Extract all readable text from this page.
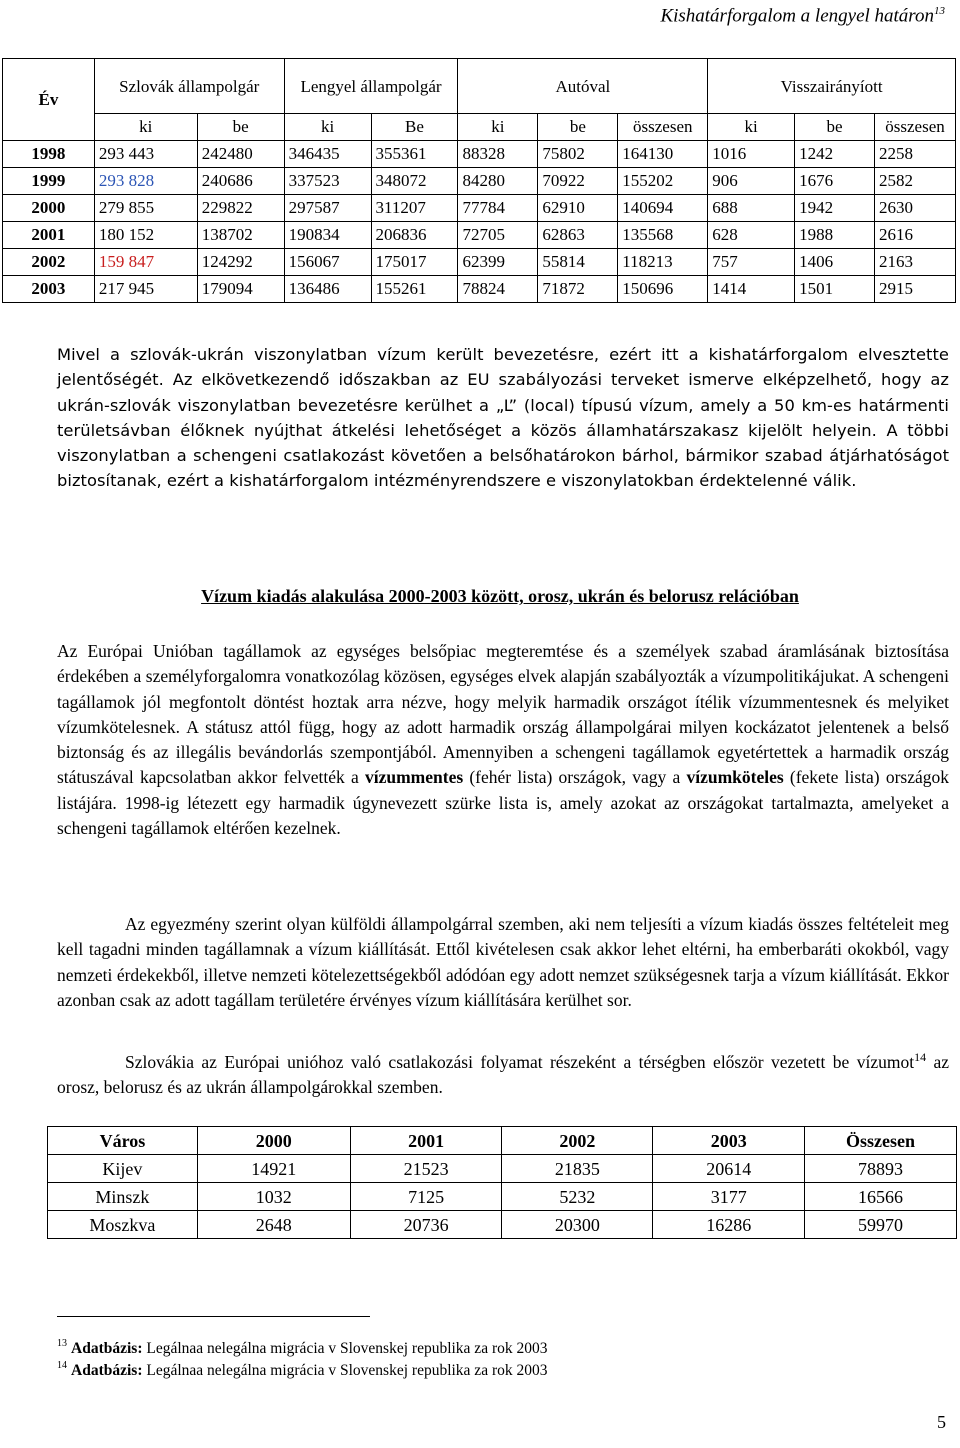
Kishatárforgalom a lengyel határon$^{13}$
Év	Szlovák állampolgár		Lengyel állampolgár		Autóval			Visszairányíott		
	ki	be	ki	Be	ki	be	összesen	ki	be	összesen
1998	293 443	242480	346435	355361	88328	75802	164130	1016	1242	2258
1999	293 828	240686	337523	348072	84280	70922	155202	906	1676	2582
2000	279 855	229822	297587	311207	77784	62910	140694	688	1942	2630
2001	180 152	138702	190834	206836	72705	62863	135568	628	1988	2616
2002	159 847	124292	156067	175017	62399	55814	118213	757	1406	2163
2003	217 945	179094	136486	155261	78824	71872	150696	1414	1501	2915

Mivel a szlovák-ukrán viszonylatban vízum került bevezetésre, ezért itt a kishatárforgalom elvesztette jelentőségét. Az elkövetkezendő időszakban az EU szabályozási terveket ismerve elképzelhető, hogy az ukrán-szlovák viszonylatban bevezetésre kerülhet a „L” (local) típusú vízum, amely a 50 km-es határmenti területsávban élőknek nyújthat átkelési lehetőséget a közös államhatárszakasz kijelölt helyein. A többi viszonylatban a schengeni csatlakozást követően a belsőhatárokon bárhol, bármikor szabad átjárhatóságot biztosítanak, ezért a kishatárforgalom intézményrendszere e viszonylatokban érdektelenné válik.

Vízum kiadás alakulása 2000-2003 között, orosz, ukrán és belorusz relációban

Az Európai Unióban tagállamok az egységes belsőpiac megteremtése és a személyek szabad áramlásának biztosítása érdekében a személyforgalomra vonatkozólag közösen, egységes elvek alapján szabályozták a vízumpolitikájukat. A schengeni tagállamok jól megfontolt döntést hoztak arra nézve, hogy melyik harmadik országot ítélik vízummentesnek és melyiket vízumkötelesnek. A státusz attól függ, hogy az adott harmadik ország állampolgárai milyen kockázatot jelentenek a belső biztonság és az illegális bevándorlás szempontjából. Amennyiben a schengeni tagállamok egyetértettek a harmadik ország státuszával kapcsolatban akkor felvették a vízummentes (fehér lista) országok, vagy a vízumköteles (fekete lista) országok listájára. 1998-ig létezett egy harmadik úgynevezett szürke lista is, amely azokat az országokat tartalmazta, amelyeket a schengeni tagállamok eltérően kezelnek.

Az egyezmény szerint olyan külföldi állampolgárral szemben, aki nem teljesíti a vízum kiadás összes feltételeit meg kell tagadni minden tagállamnak a vízum kiállítását. Ettől kivételesen csak akkor lehet eltérni, ha emberbaráti okokból, vagy nemzeti érdekekből, illetve nemzeti kötelezettségekből adódóan egy adott nemzet szükségesnek tarja a vízum kiállítását. Ekkor azonban csak az adott tagállam területére érvényes vízum kiállítására kerülhet sor.

Szlovákia az Európai unióhoz való csatlakozási folyamat részeként a térségben először vezetett be vízumot$^{14}$ az orosz, belorusz és az ukrán állampolgárokkal szemben.

Város	2000	2001	2002	2003	Összesen
Kijev	14921	21523	21835	20614	78893
Minszk	1032	7125	5232	3177	16566
Moszkva	2648	20736	20300	16286	59970
$^{13}$ Adatbázis: Legálnaa nelegálna migrácia v Slovenskej republika za rok 2003
$^{14}$ Adatbázis: Legálnaa nelegálna migrácia v Slovenskej republika za rok 2003
5
